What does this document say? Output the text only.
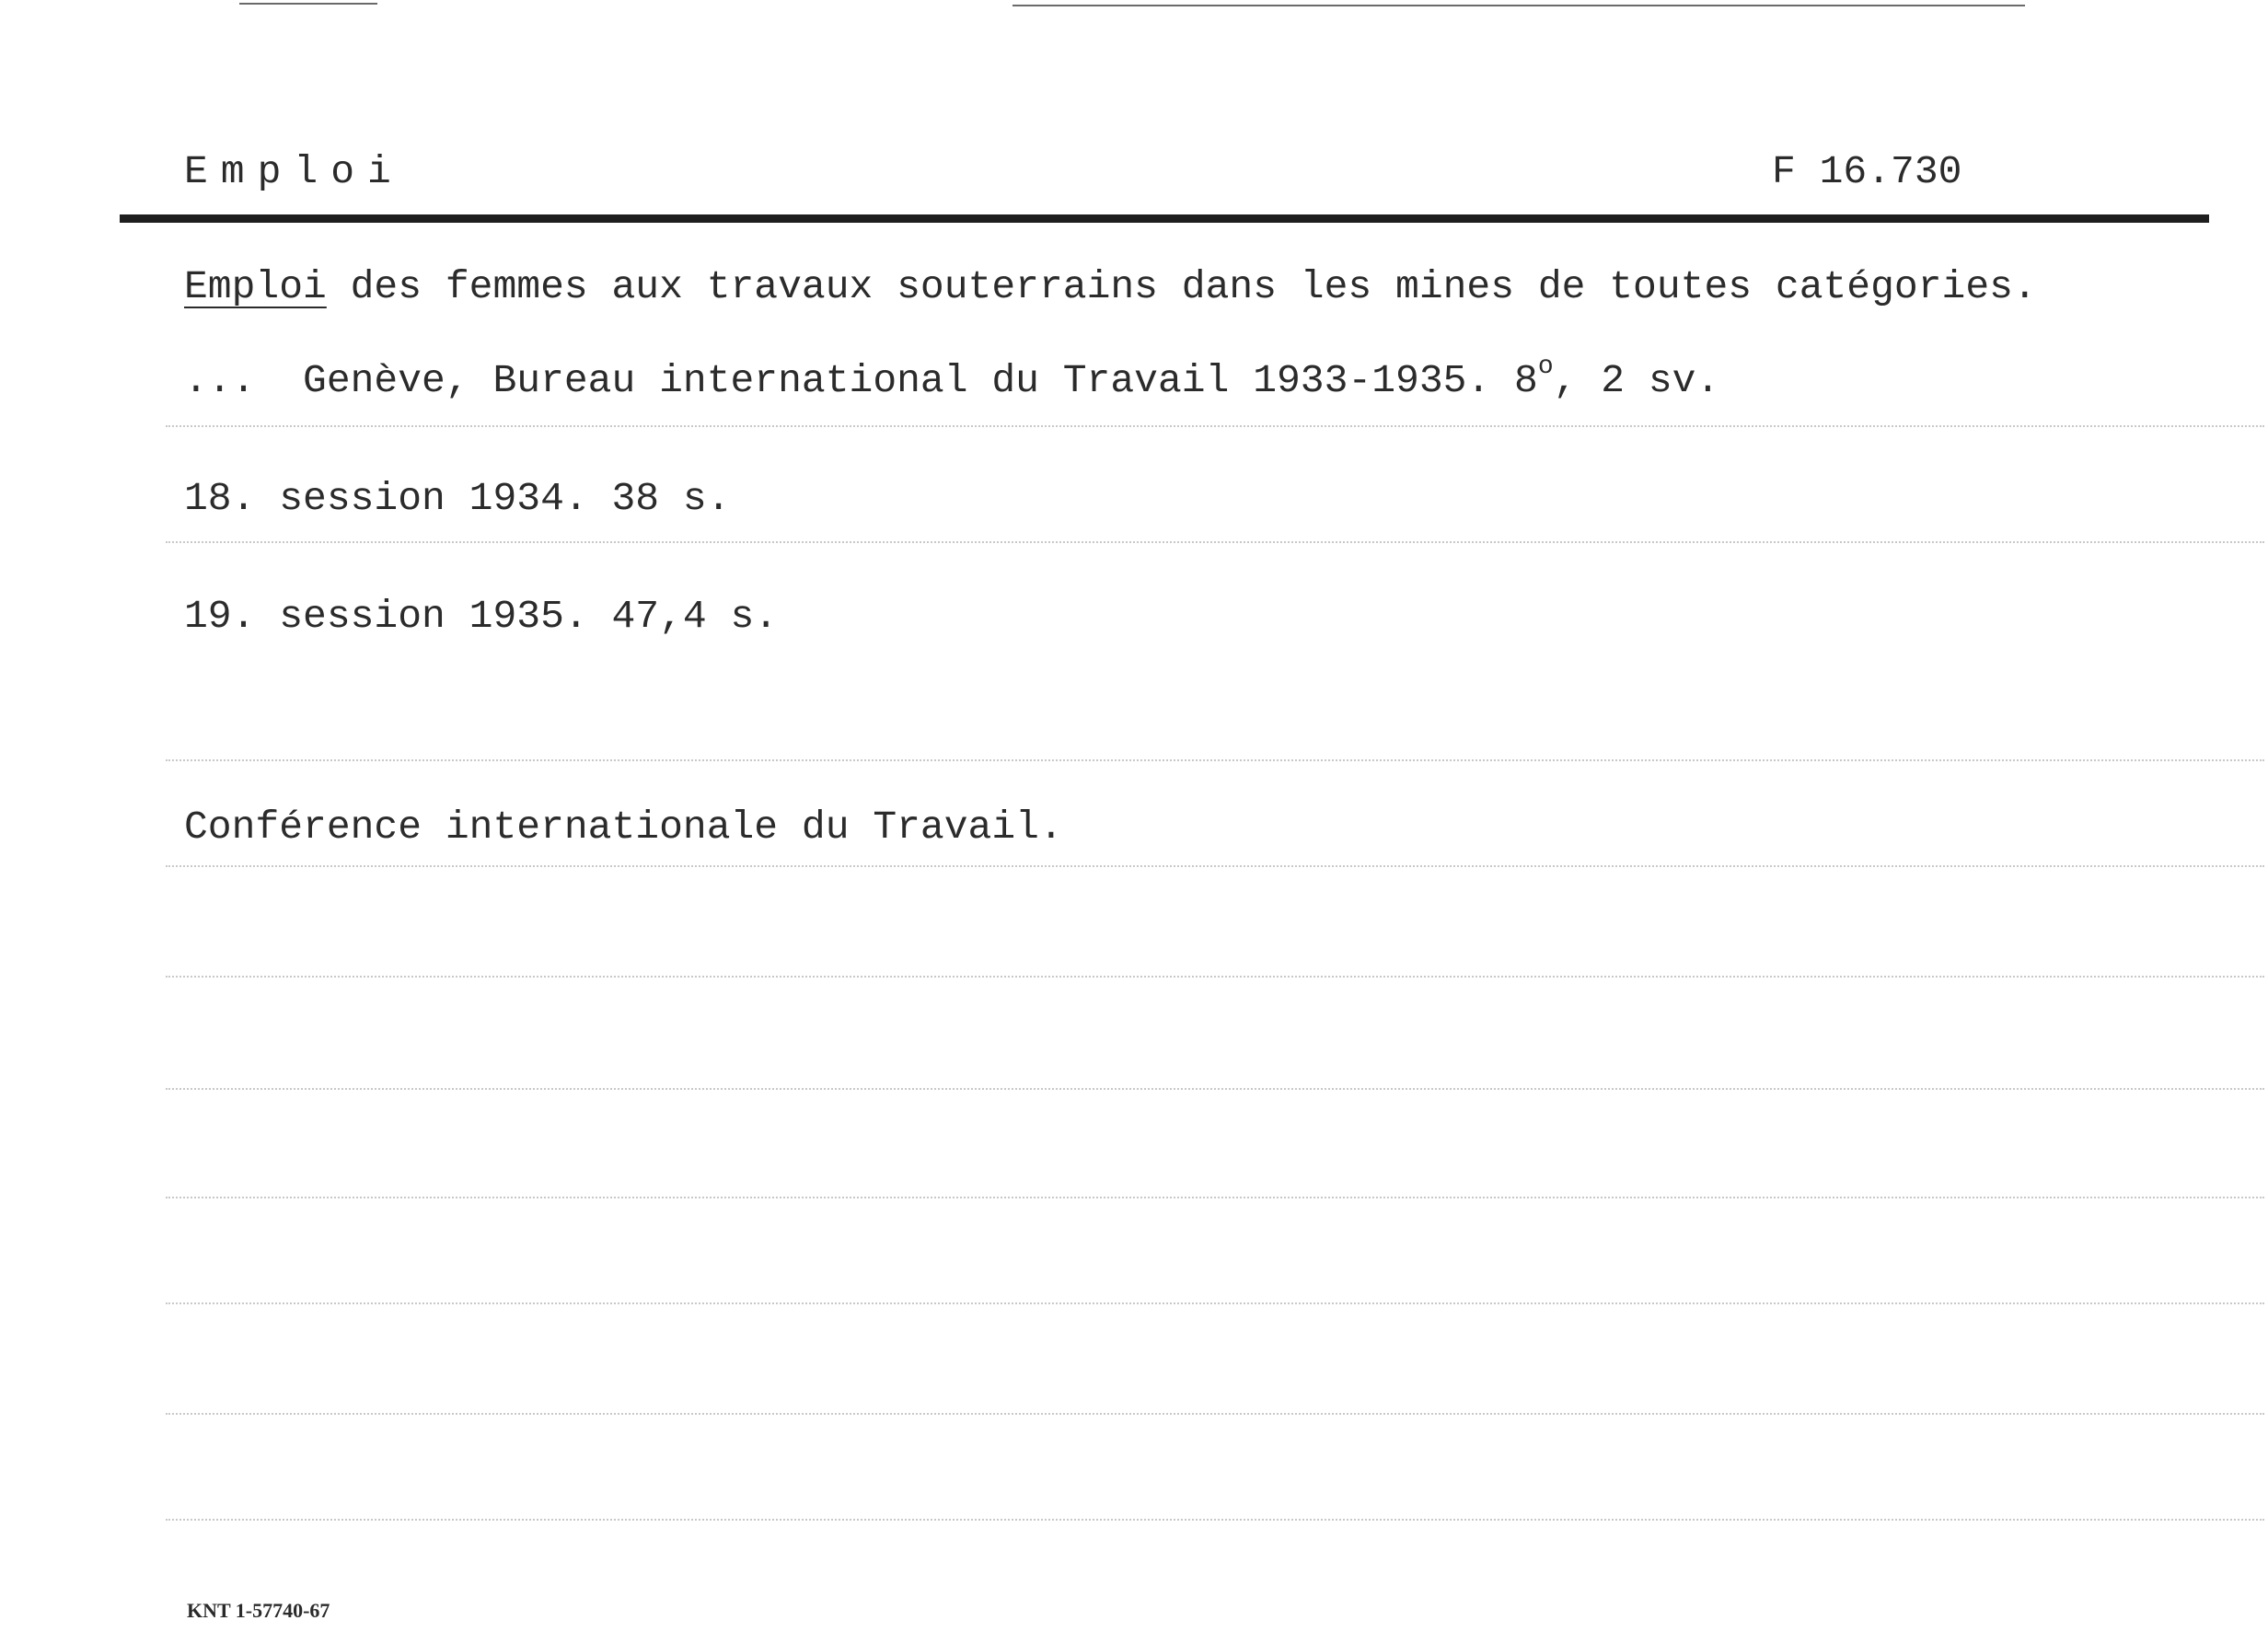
Emploi	F 16.730
Emploi des femmes aux travaux souterrains dans les mines de toutes catégories.
...  Genève, Bureau international du Travail 1933-1935. 8$^o$, 2 sv.
18. session 1934. 38 s.
19. session 1935. 47,4 s.
Conférence internationale du Travail.
KNT 1-57740-67
